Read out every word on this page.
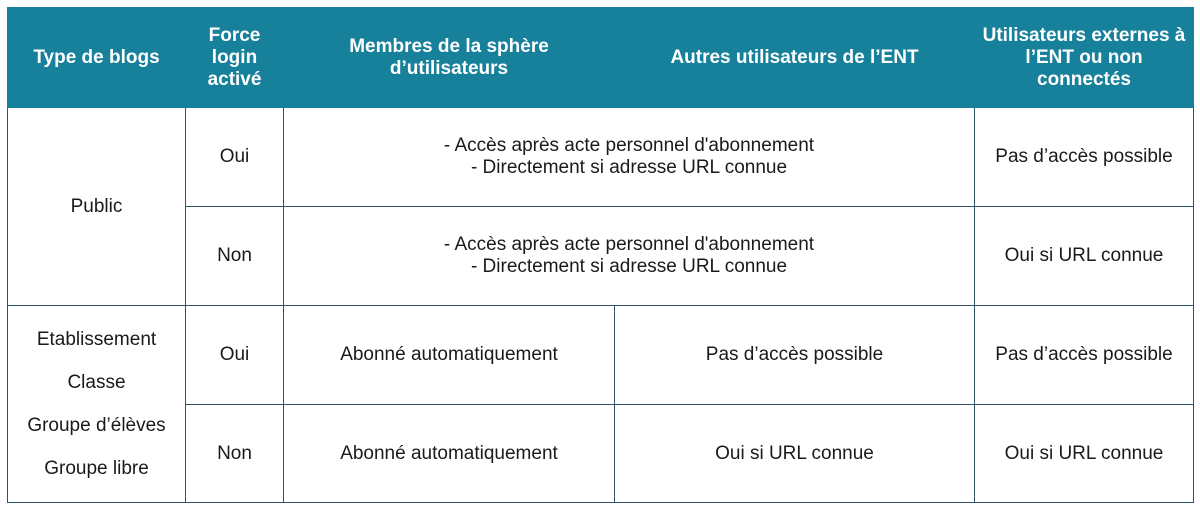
Type de blogs	Force
login
activé	Membres de la sphère
d’utilisateurs	Autres utilisateurs de l’ENT	Utilisateurs externes à
l’ENT ou non
connectés

Public	Oui	- Accès après acte personnel d'abonnement
- Directement si adresse URL connue		Pas d’accès possible
	Non	- Accès après acte personnel d'abonnement
- Directement si adresse URL connue		Oui si URL connue

Etablissement
Classe
Groupe d’élèves
Groupe libre	Oui	Abonné automatiquement	Pas d’accès possible	Pas d’accès possible
	Non	Abonné automatiquement	Oui si URL connue	Oui si URL connue
